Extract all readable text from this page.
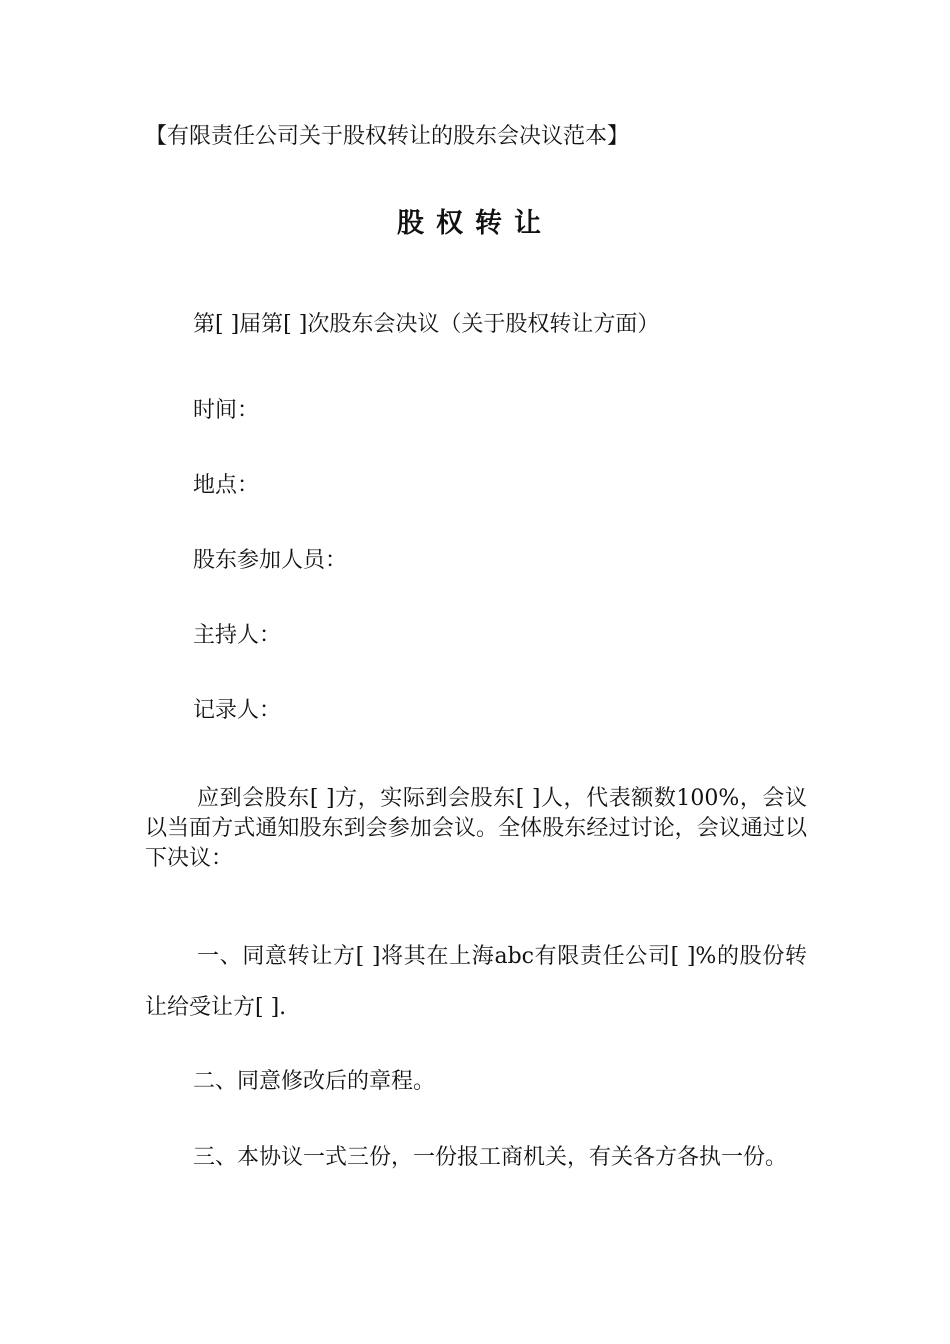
【有限责任公司关于股权转让的股东会决议范本】

股权转让

第[ ]届第[ ]次股东会决议（关于股权转让方面）

时间：

地点：

股东参加人员：

主持人：

记录人：

应到会股东[ ]方，实际到会股东[ ]人，代表额数100%，会议以当面方式通知股东到会参加会议。全体股东经过讨论，会议通过以下决议：

一、同意转让方[ ]将其在上海abc有限责任公司[ ]%的股份转让给受让方[ ].

二、同意修改后的章程。

三、本协议一式三份，一份报工商机关，有关各方各执一份。
